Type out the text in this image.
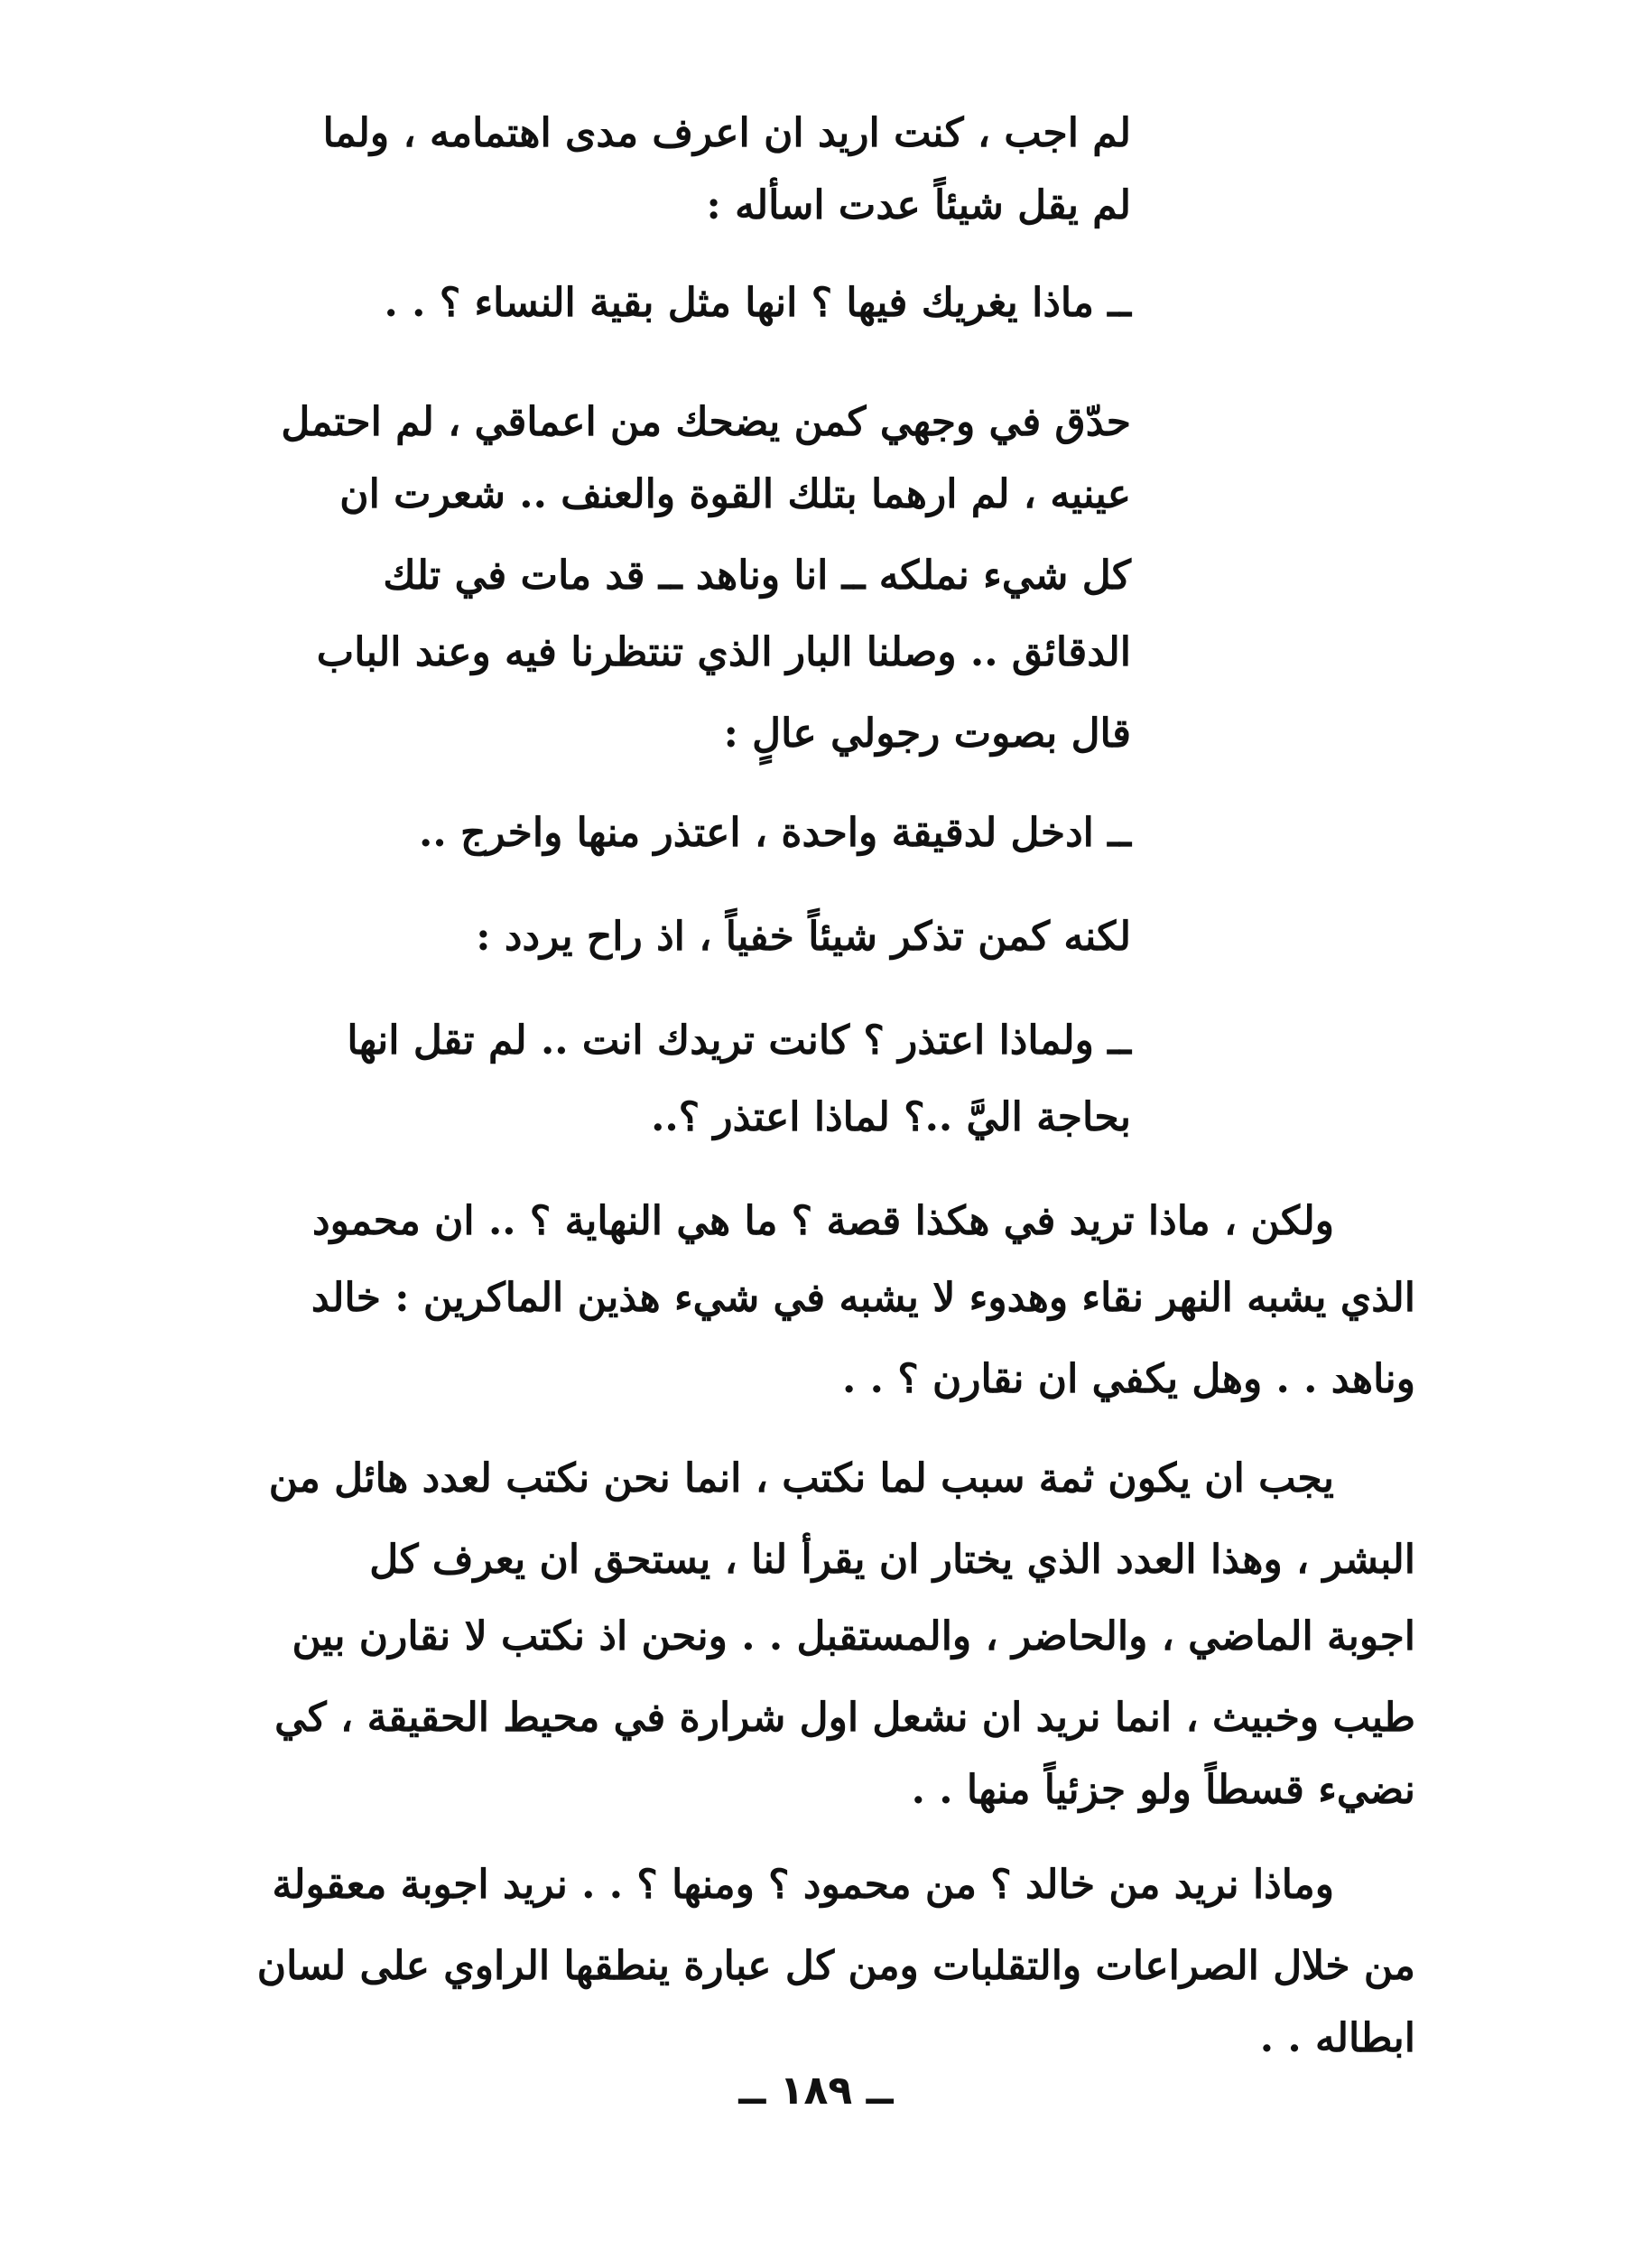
لم اجب ، كنت اريد ان اعرف مدى اهتمامه ، ولما
لم يقل شيئاً عدت اسأله :
ــ ماذا يغريك فيها ؟ انها مثل بقية النساء ؟ . .
حدّق في وجهي كمن يضحك من اعماقي ، لم احتمل
عينيه ، لم ارهما بتلك القوة والعنف .. شعرت ان
كل شيء نملكه ــ انا وناهد ــ قد مات في تلك
الدقائق .. وصلنا البار الذي تنتظرنا فيه وعند الباب
قال بصوت رجولي عالٍ :
ــ ادخل لدقيقة واحدة ، اعتذر منها واخرج ..
لكنه كمن تذكر شيئاً خفياً ، اذ راح يردد :
ــ ولماذا اعتذر ؟ كانت تريدك انت .. لم تقل انها
بحاجة اليَّ ..؟ لماذا اعتذر ؟..
ولكن ، ماذا تريد في هكذا قصة ؟ ما هي النهاية ؟ .. ان محمود
الذي يشبه النهر نقاء وهدوء لا يشبه في شيء هذين الماكرين : خالد
وناهد . . وهل يكفي ان نقارن ؟ . .
يجب ان يكون ثمة سبب لما نكتب ، انما نحن نكتب لعدد هائل من
البشر ، وهذا العدد الذي يختار ان يقرأ لنا ، يستحق ان يعرف كل
اجوبة الماضي ، والحاضر ، والمستقبل . . ونحن اذ نكتب لا نقارن بين
طيب وخبيث ، انما نريد ان نشعل اول شرارة في محيط الحقيقة ، كي
نضيء قسطاً ولو جزئياً منها . .
وماذا نريد من خالد ؟ من محمود ؟ ومنها ؟ . . نريد اجوبة معقولة
من خلال الصراعات والتقلبات ومن كل عبارة ينطقها الراوي على لسان
ابطاله . .
ــ ١٨٩ ــ
